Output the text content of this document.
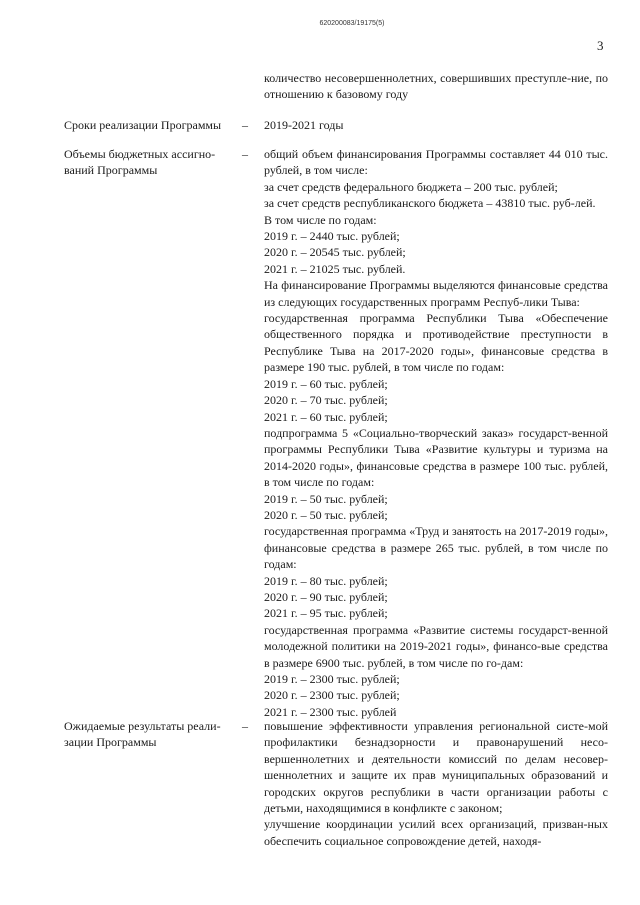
620200083/19175(5)
3
количество несовершеннолетних, совершивших преступле-ние, по отношению к базовому году
Сроки реализации Программы	– 2019-2021 годы

Объемы бюджетных ассигно-ваний Программы
– общий объем финансирования Программы составляет 44 010 тыс. рублей, в том числе:

за счет средств федерального бюджета – 200 тыс. рублей;

за счет средств республиканского бюджета – 43810 тыс. руб-лей.

В том числе по годам:

2019 г. – 2440 тыс. рублей;

2020 г. – 20545 тыс. рублей;

2021 г. – 21025 тыс. рублей.

На финансирование Программы выделяются финансовые средства из следующих государственных программ Респуб-лики Тыва:

государственная программа Республики Тыва «Обеспечение общественного порядка и противодействие преступности в Республике Тыва на 2017-2020 годы», финансовые средства в размере 190 тыс. рублей, в том числе по годам:

2019 г. – 60 тыс. рублей;

2020 г. – 70 тыс. рублей;

2021 г. – 60 тыс. рублей;

подпрограмма 5 «Социально-творческий заказ» государст-венной программы Республики Тыва «Развитие культуры и туризма на 2014-2020 годы», финансовые средства в размере 100 тыс. рублей, в том числе по годам:

2019 г. – 50 тыс. рублей;

2020 г. – 50 тыс. рублей;

государственная программа «Труд и занятость на 2017-2019 годы», финансовые средства в размере 265 тыс. рублей, в том числе по годам:

2019 г. – 80 тыс. рублей;

2020 г. – 90 тыс. рублей;

2021 г. – 95 тыс. рублей;

государственная программа «Развитие системы государст-венной молодежной политики на 2019-2021 годы», финансо-вые средства в размере 6900 тыс. рублей, в том числе по го-дам:

2019 г. – 2300 тыс. рублей;

2020 г. – 2300 тыс. рублей;

2021 г. – 2300 тыс. рублей

Ожидаемые результаты реали-зации Программы
– повышение эффективности управления региональной систе-мой профилактики безнадзорности и правонарушений несо-вершеннолетних и деятельности комиссий по делам несовер-шеннолетних и защите их прав муниципальных образований и городских округов республики в части организации работы с детьми, находящимися в конфликте с законом;

улучшение координации усилий всех организаций, призван-ных обеспечить социальное сопровождение детей, находя-
